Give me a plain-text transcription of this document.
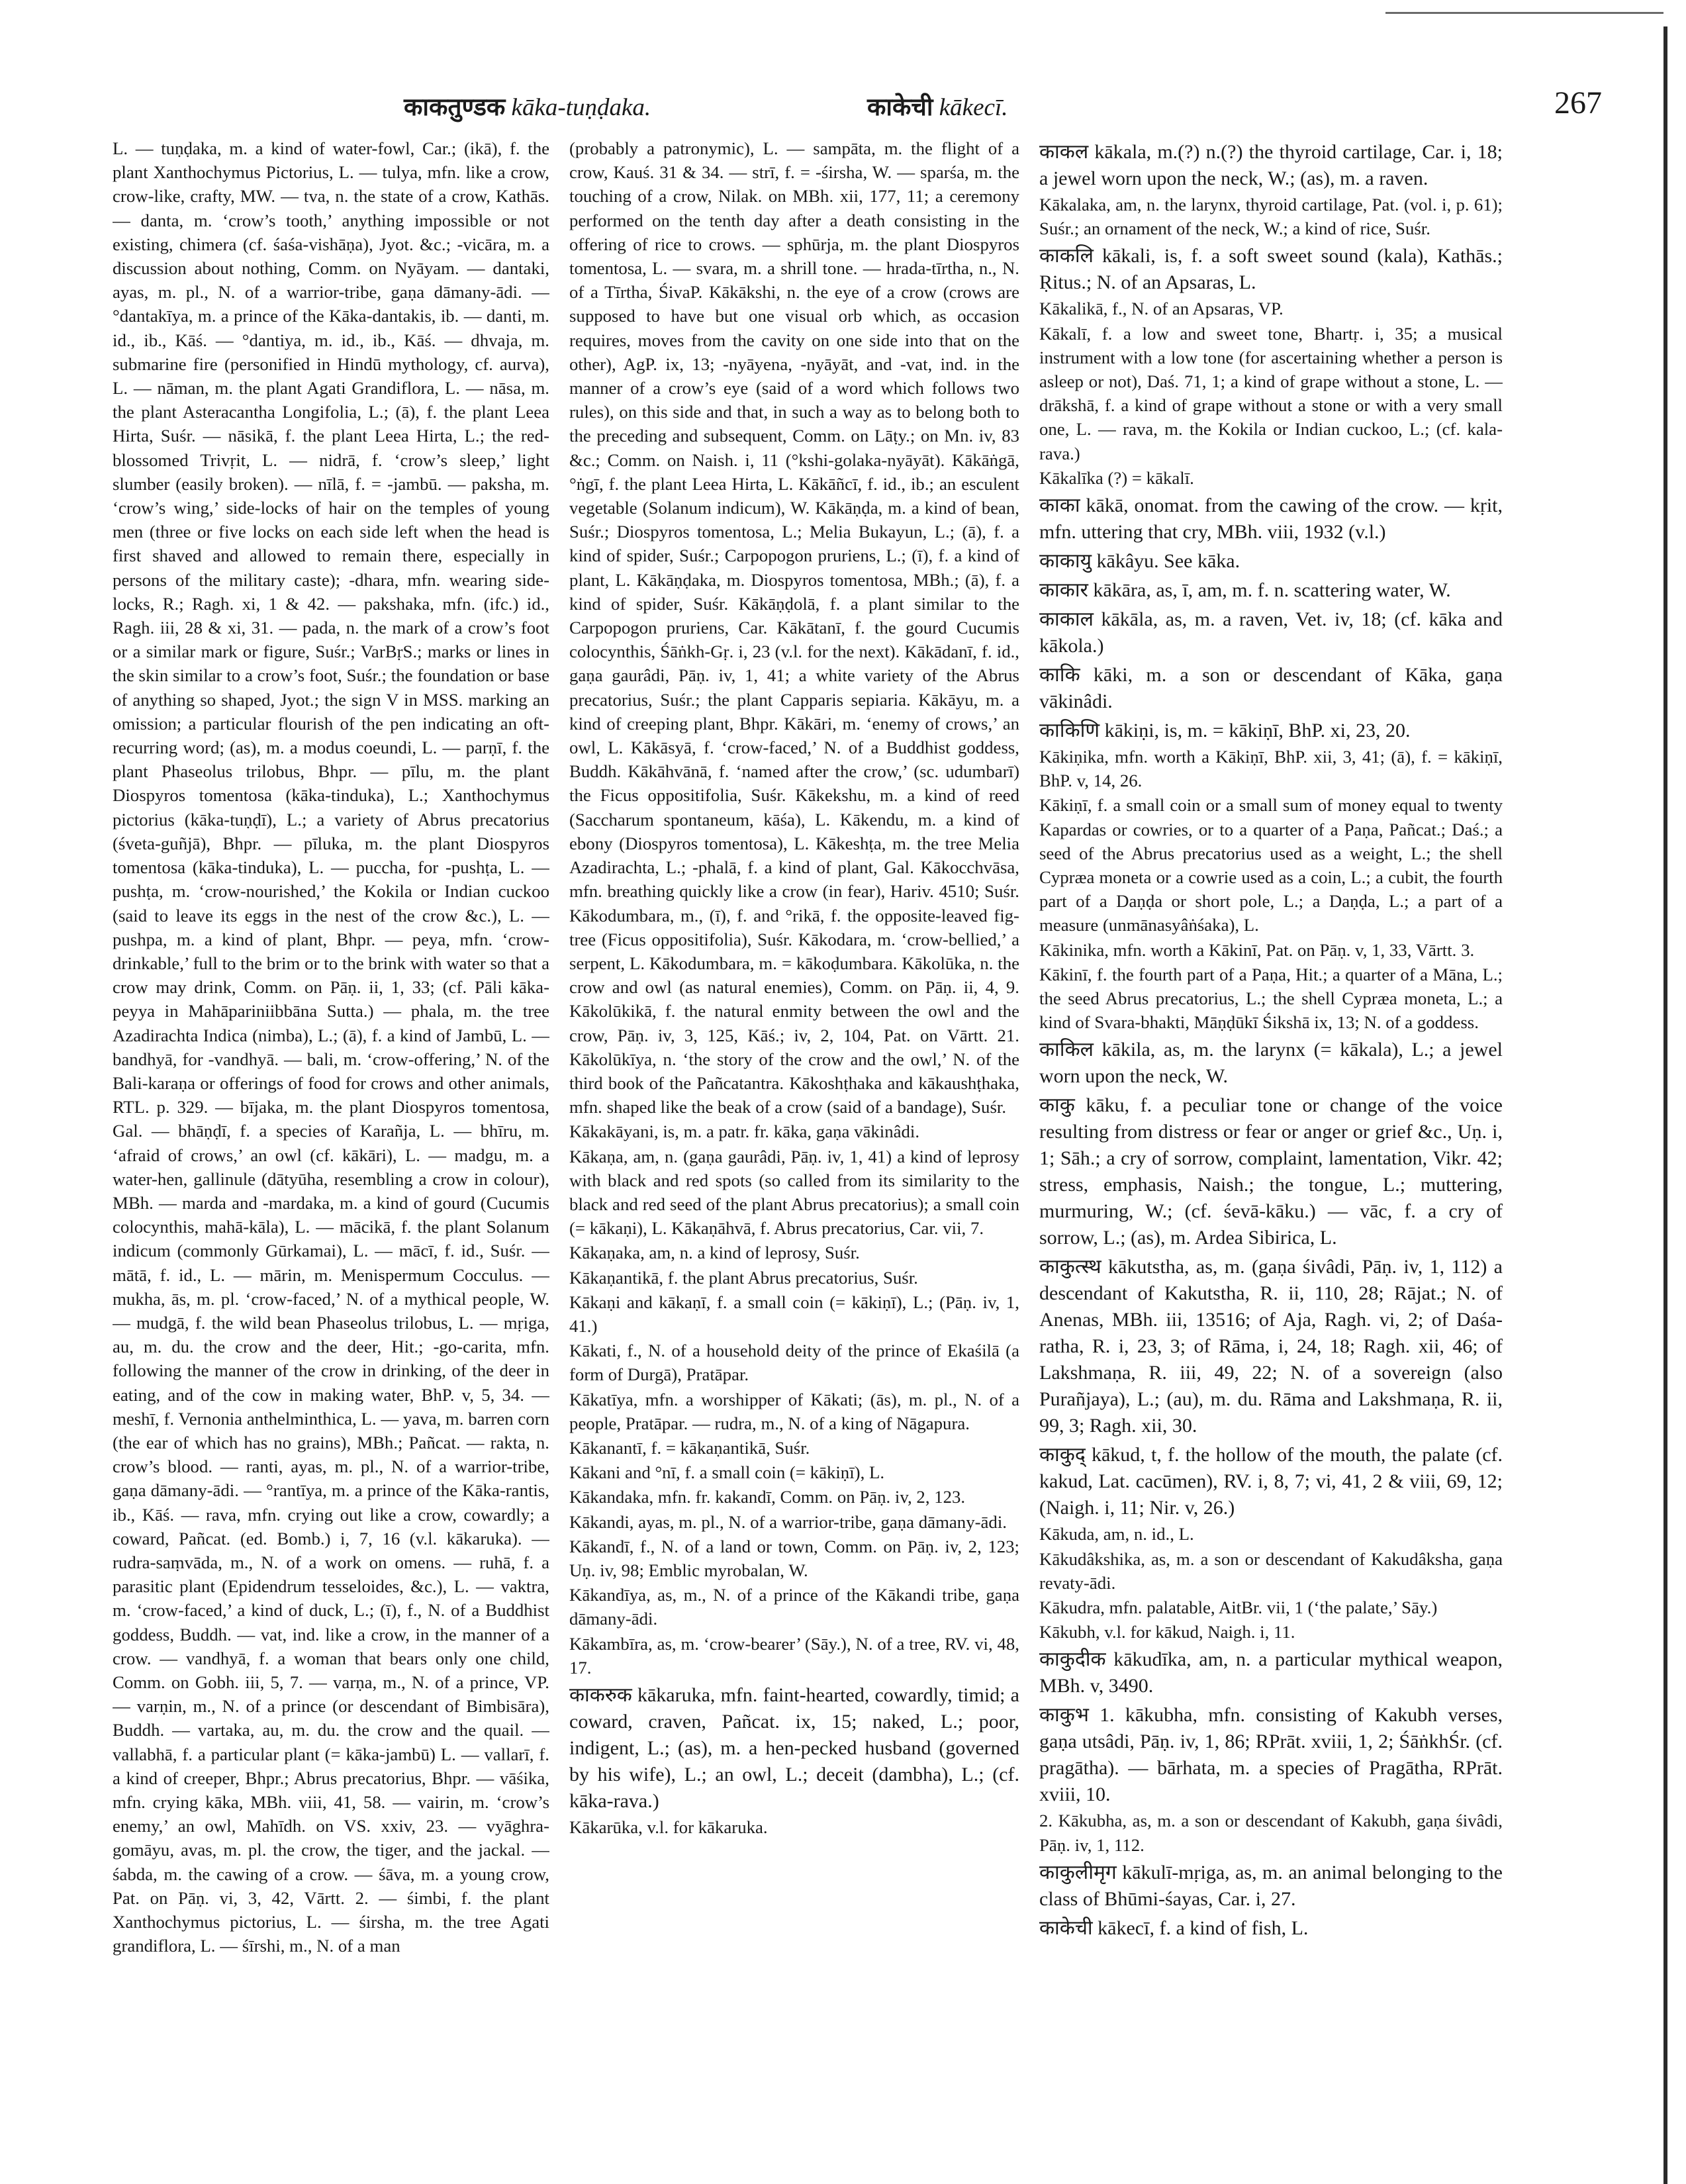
काकतुण्डक kāka-tuṇḍaka.	काकेची kākecī.	267
L. — tuṇḍaka, m. a kind of water-fowl, Car.; (ikā), f. the plant Xanthochymus Pictorius, L. — tulya, mfn. like a crow, crow-like, crafty, MW. — tva, n. the state of a crow, Kathās. — danta, m. ‘crow’s tooth,’ anything impossible or not existing, chimera (cf. śaśa-vishāṇa), Jyot. &c.; -vicāra, m. a discussion about nothing, Comm. on Nyāyam. — dantaki, ayas, m. pl., N. of a warrior-tribe, gaṇa dāmany-ādi. — °dantakīya, m. a prince of the Kāka-dantakis, ib. — danti, m. id., ib., Kāś. — °dantiya, m. id., ib., Kāś. — dhvaja, m. submarine fire (personified in Hindū mythology, cf. aurva), L. — nāman, m. the plant Agati Grandiflora, L. — nāsa, m. the plant Asteracantha Longifolia, L.; (ā), f. the plant Leea Hirta, Suśr. — nāsikā, f. the plant Leea Hirta, L.; the red-blossomed Trivṛit, L. — nidrā, f. ‘crow’s sleep,’ light slumber (easily broken). — nīlā, f. = -jambū. — paksha, m. ‘crow’s wing,’ side-locks of hair on the temples of young men (three or five locks on each side left when the head is first shaved and allowed to remain there, especially in persons of the military caste); -dhara, mfn. wearing side-locks, R.; Ragh. xi, 1 & 42. — pakshaka, mfn. (ifc.) id., Ragh. iii, 28 & xi, 31. — pada, n. the mark of a crow’s foot or a similar mark or figure, Suśr.; VarBṛS.; marks or lines in the skin similar to a crow’s foot, Suśr.; the foundation or base of anything so shaped, Jyot.; the sign V in MSS. marking an omission; a particular flourish of the pen indicating an oft-recurring word; (as), m. a modus coeundi, L. — parṇī, f. the plant Phaseolus trilobus, Bhpr. — pīlu, m. the plant Diospyros tomentosa (kāka-tinduka), L.; Xanthochymus pictorius (kāka-tuṇḍī), L.; a variety of Abrus precatorius (śveta-guñjā), Bhpr. — pīluka, m. the plant Diospyros tomentosa (kāka-tinduka), L. — puccha, for -pushṭa, L. — pushṭa, m. ‘crow-nourished,’ the Kokila or Indian cuckoo (said to leave its eggs in the nest of the crow &c.), L. — pushpa, m. a kind of plant, Bhpr. — peya, mfn. ‘crow-drinkable,’ full to the brim or to the brink with water so that a crow may drink, Comm. on Pāṇ. ii, 1, 33; (cf. Pāli kāka-peyya in Mahāpariniibbāna Sutta.) — phala, m. the tree Azadirachta Indica (nimba), L.; (ā), f. a kind of Jambū, L. — bandhyā, for -vandhyā. — bali, m. ‘crow-offering,’ N. of the Bali-karaṇa or offerings of food for crows and other animals, RTL. p. 329. — bījaka, m. the plant Diospyros tomentosa, Gal. — bhāṇḍī, f. a species of Karañja, L. — bhīru, m. ‘afraid of crows,’ an owl (cf. kākāri), L. — madgu, m. a water-hen, gallinule (dātyūha, resembling a crow in colour), MBh. — marda and -mardaka, m. a kind of gourd (Cucumis colocynthis, mahā-kāla), L. — mācikā, f. the plant Solanum indicum (commonly Gūrkamai), L. — mācī, f. id., Suśr. — mātā, f. id., L. — mārin, m. Menispermum Cocculus. — mukha, ās, m. pl. ‘crow-faced,’ N. of a mythical people, W. — mudgā, f. the wild bean Phaseolus trilobus, L. — mṛiga, au, m. du. the crow and the deer, Hit.; -go-carita, mfn. following the manner of the crow in drinking, of the deer in eating, and of the cow in making water, BhP. v, 5, 34. — meshī, f. Vernonia anthelminthica, L. — yava, m. barren corn (the ear of which has no grains), MBh.; Pañcat. — rakta, n. crow’s blood. — ranti, ayas, m. pl., N. of a warrior-tribe, gaṇa dāmany-ādi. — °rantīya, m. a prince of the Kāka-rantis, ib., Kāś. — rava, mfn. crying out like a crow, cowardly; a coward, Pañcat. (ed. Bomb.) i, 7, 16 (v.l. kākaruka). — rudra-saṃvāda, m., N. of a work on omens. — ruhā, f. a parasitic plant (Epidendrum tesseloides, &c.), L. — vaktra, m. ‘crow-faced,’ a kind of duck, L.; (ī), f., N. of a Buddhist goddess, Buddh. — vat, ind. like a crow, in the manner of a crow. — vandhyā, f. a woman that bears only one child, Comm. on Gobh. iii, 5, 7. — varṇa, m., N. of a prince, VP. — varṇin, m., N. of a prince (or descendant of Bimbisāra), Buddh. — vartaka, au, m. du. the crow and the quail. — vallabhā, f. a particular plant (= kāka-jambū) L. — vallarī, f. a kind of creeper, Bhpr.; Abrus precatorius, Bhpr. — vāśika, mfn. crying kāka, MBh. viii, 41, 58. — vairin, m. ‘crow’s enemy,’ an owl, Mahīdh. on VS. xxiv, 23. — vyāghra-gomāyu, avas, m. pl. the crow, the tiger, and the jackal. — śabda, m. the cawing of a crow. — śāva, m. a young crow, Pat. on Pāṇ. vi, 3, 42, Vārtt. 2. — śimbi, f. the plant Xanthochymus pictorius, L. — śirsha, m. the tree Agati grandiflora, L. — śīrshi, m., N. of a man
(probably a patronymic), L. — sampāta, m. the flight of a crow, Kauś. 31 & 34. — strī, f. = -śirsha, W. — sparśa, m. the touching of a crow, Nilak. on MBh. xii, 177, 11; a ceremony performed on the tenth day after a death consisting in the offering of rice to crows. — sphūrja, m. the plant Diospyros tomentosa, L. — svara, m. a shrill tone. — hrada-tīrtha, n., N. of a Tīrtha, ŚivaP. Kākākshi, n. the eye of a crow (crows are supposed to have but one visual orb which, as occasion requires, moves from the cavity on one side into that on the other), AgP. ix, 13; -nyāyena, -nyāyāt, and -vat, ind. in the manner of a crow’s eye (said of a word which follows two rules), on this side and that, in such a way as to belong both to the preceding and subsequent, Comm. on Lāṭy.; on Mn. iv, 83 &c.; Comm. on Naish. i, 11 (°kshi-golaka-nyāyāt). Kākāṅgā, °ṅgī, f. the plant Leea Hirta, L. Kākāñcī, f. id., ib.; an esculent vegetable (Solanum indicum), W. Kākāṇḍa, m. a kind of bean, Suśr.; Diospyros tomentosa, L.; Melia Bukayun, L.; (ā), f. a kind of spider, Suśr.; Carpopogon pruriens, L.; (ī), f. a kind of plant, L. Kākāṇḍaka, m. Diospyros tomentosa, MBh.; (ā), f. a kind of spider, Suśr. Kākāṇḍolā, f. a plant similar to the Carpopogon pruriens, Car. Kākātanī, f. the gourd Cucumis colocynthis, Śāṅkh-Gṛ. i, 23 (v.l. for the next). Kākādanī, f. id., gaṇa gaurâdi, Pāṇ. iv, 1, 41; a white variety of the Abrus precatorius, Suśr.; the plant Capparis sepiaria. Kākāyu, m. a kind of creeping plant, Bhpr. Kākāri, m. ‘enemy of crows,’ an owl, L. Kākāsyā, f. ‘crow-faced,’ N. of a Buddhist goddess, Buddh. Kākāhvānā, f. ‘named after the crow,’ (sc. udumbarī) the Ficus oppositifolia, Suśr. Kākekshu, m. a kind of reed (Saccharum spontaneum, kāśa), L. Kākendu, m. a kind of ebony (Diospyros tomentosa), L. Kākeshṭa, m. the tree Melia Azadirachta, L.; -phalā, f. a kind of plant, Gal. Kākocchvāsa, mfn. breathing quickly like a crow (in fear), Hariv. 4510; Suśr. Kākodumbara, m., (ī), f. and °rikā, f. the opposite-leaved fig-tree (Ficus oppositifolia), Suśr. Kākodara, m. ‘crow-bellied,’ a serpent, L. Kākodumbara, m. = kākoḍumbara. Kākolūka, n. the crow and owl (as natural enemies), Comm. on Pāṇ. ii, 4, 9. Kākolūkikā, f. the natural enmity between the owl and the crow, Pāṇ. iv, 3, 125, Kāś.; iv, 2, 104, Pat. on Vārtt. 21. Kākolūkīya, n. ‘the story of the crow and the owl,’ N. of the third book of the Pañcatantra. Kākoshṭhaka and kākaushṭhaka, mfn. shaped like the beak of a crow (said of a bandage), Suśr.
Kākakāyani, is, m. a patr. fr. kāka, gaṇa vākinâdi.
Kākaṇa, am, n. (gaṇa gaurâdi, Pāṇ. iv, 1, 41) a kind of leprosy with black and red spots (so called from its similarity to the black and red seed of the plant Abrus precatorius); a small coin (= kākaṇi), L. Kākaṇāhvā, f. Abrus precatorius, Car. vii, 7.
Kākaṇaka, am, n. a kind of leprosy, Suśr.
Kākaṇantikā, f. the plant Abrus precatorius, Suśr.
Kākaṇi and kākaṇī, f. a small coin (= kākiṇī), L.; (Pāṇ. iv, 1, 41.)
Kākati, f., N. of a household deity of the prince of Ekaśilā (a form of Durgā), Pratāpar.
Kākatīya, mfn. a worshipper of Kākati; (ās), m. pl., N. of a people, Pratāpar. — rudra, m., N. of a king of Nāgapura.
Kākanantī, f. = kākaṇantikā, Suśr.
Kākani and °nī, f. a small coin (= kākiṇī), L.
Kākandaka, mfn. fr. kakandī, Comm. on Pāṇ. iv, 2, 123.
Kākandi, ayas, m. pl., N. of a warrior-tribe, gaṇa dāmany-ādi.
Kākandī, f., N. of a land or town, Comm. on Pāṇ. iv, 2, 123; Uṇ. iv, 98; Emblic myrobalan, W.
Kākandīya, as, m., N. of a prince of the Kākandi tribe, gaṇa dāmany-ādi.
Kākambīra, as, m. ‘crow-bearer’ (Sāy.), N. of a tree, RV. vi, 48, 17.
काकरुक kākaruka, mfn. faint-hearted, cowardly, timid; a coward, craven, Pañcat. ix, 15; naked, L.; poor, indigent, L.; (as), m. a hen-pecked husband (governed by his wife), L.; an owl, L.; deceit (dambha), L.; (cf. kāka-rava.)
Kākarūka, v.l. for kākaruka.
काकल kākala, m.(?) n.(?) the thyroid cartilage, Car. i, 18; a jewel worn upon the neck, W.; (as), m. a raven.
Kākalaka, am, n. the larynx, thyroid cartilage, Pat. (vol. i, p. 61); Suśr.; an ornament of the neck, W.; a kind of rice, Suśr.
काकलि kākali, is, f. a soft sweet sound (kala), Kathās.; Ṛitus.; N. of an Apsaras, L.
Kākalikā, f., N. of an Apsaras, VP.
Kākalī, f. a low and sweet tone, Bhartṛ. i, 35; a musical instrument with a low tone (for ascertaining whether a person is asleep or not), Daś. 71, 1; a kind of grape without a stone, L. — drākshā, f. a kind of grape without a stone or with a very small one, L. — rava, m. the Kokila or Indian cuckoo, L.; (cf. kala-rava.)
Kākalīka (?) = kākalī.
काका kākā, onomat. from the cawing of the crow. — kṛit, mfn. uttering that cry, MBh. viii, 1932 (v.l.)
काकायु kākâyu. See kāka.
काकार kākāra, as, ī, am, m. f. n. scattering water, W.
काकाल kākāla, as, m. a raven, Vet. iv, 18; (cf. kāka and kākola.)
काकि kāki, m. a son or descendant of Kāka, gaṇa vākinâdi.
काकिणि kākiṇi, is, m. = kākiṇī, BhP. xi, 23, 20.
Kākiṇika, mfn. worth a Kākiṇī, BhP. xii, 3, 41; (ā), f. = kākiṇī, BhP. v, 14, 26.
Kākiṇī, f. a small coin or a small sum of money equal to twenty Kapardas or cowries, or to a quarter of a Paṇa, Pañcat.; Daś.; a seed of the Abrus precatorius used as a weight, L.; the shell Cypræa moneta or a cowrie used as a coin, L.; a cubit, the fourth part of a Daṇḍa or short pole, L.; a Daṇḍa, L.; a part of a measure (unmānasyâṅśaka), L.
Kākinika, mfn. worth a Kākinī, Pat. on Pāṇ. v, 1, 33, Vārtt. 3.
Kākinī, f. the fourth part of a Paṇa, Hit.; a quarter of a Māna, L.; the seed Abrus precatorius, L.; the shell Cypræa moneta, L.; a kind of Svara-bhakti, Māṇḍūkī Śikshā ix, 13; N. of a goddess.
काकिल kākila, as, m. the larynx (= kākala), L.; a jewel worn upon the neck, W.
काकु kāku, f. a peculiar tone or change of the voice resulting from distress or fear or anger or grief &c., Uṇ. i, 1; Sāh.; a cry of sorrow, complaint, lamentation, Vikr. 42; stress, emphasis, Naish.; the tongue, L.; muttering, murmuring, W.; (cf. śevā-kāku.) — vāc, f. a cry of sorrow, L.; (as), m. Ardea Sibirica, L.
काकुत्स्थ kākutstha, as, m. (gaṇa śivâdi, Pāṇ. iv, 1, 112) a descendant of Kakutstha, R. ii, 110, 28; Rājat.; N. of Anenas, MBh. iii, 13516; of Aja, Ragh. vi, 2; of Daśa-ratha, R. i, 23, 3; of Rāma, i, 24, 18; Ragh. xii, 46; of Lakshmaṇa, R. iii, 49, 22; N. of a sovereign (also Purañjaya), L.; (au), m. du. Rāma and Lakshmaṇa, R. ii, 99, 3; Ragh. xii, 30.
काकुद् kākud, t, f. the hollow of the mouth, the palate (cf. kakud, Lat. cacūmen), RV. i, 8, 7; vi, 41, 2 & viii, 69, 12; (Naigh. i, 11; Nir. v, 26.)
Kākuda, am, n. id., L.
Kākudâkshika, as, m. a son or descendant of Kakudâksha, gaṇa revaty-ādi.
Kākudra, mfn. palatable, AitBr. vii, 1 (‘the palate,’ Sāy.)
Kākubh, v.l. for kākud, Naigh. i, 11.
काकुदीक kākudīka, am, n. a particular mythical weapon, MBh. v, 3490.
काकुभ 1. kākubha, mfn. consisting of Kakubh verses, gaṇa utsâdi, Pāṇ. iv, 1, 86; RPrāt. xviii, 1, 2; ŚāṅkhŚr. (cf. pragātha). — bārhata, m. a species of Pragātha, RPrāt. xviii, 10.
2. Kākubha, as, m. a son or descendant of Kakubh, gaṇa śivâdi, Pāṇ. iv, 1, 112.
काकुलीमृग kākulī-mṛiga, as, m. an animal belonging to the class of Bhūmi-śayas, Car. i, 27.
काकेची kākecī, f. a kind of fish, L.
